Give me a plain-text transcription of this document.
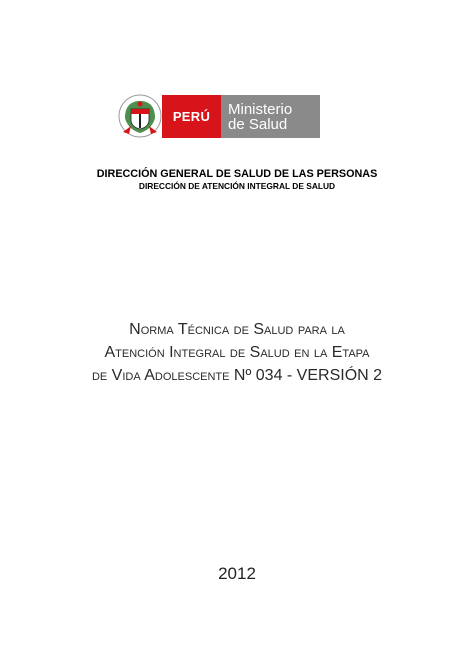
PERÚ Ministerio
de Salud
DIRECCIÓN GENERAL DE SALUD DE LAS PERSONAS
DIRECCIÓN DE ATENCIÓN INTEGRAL DE SALUD
Norma Técnica de Salud para la
Atención Integral de Salud en la Etapa
de Vida Adolescente Nº 034 - VERSIÓN 2
2012
